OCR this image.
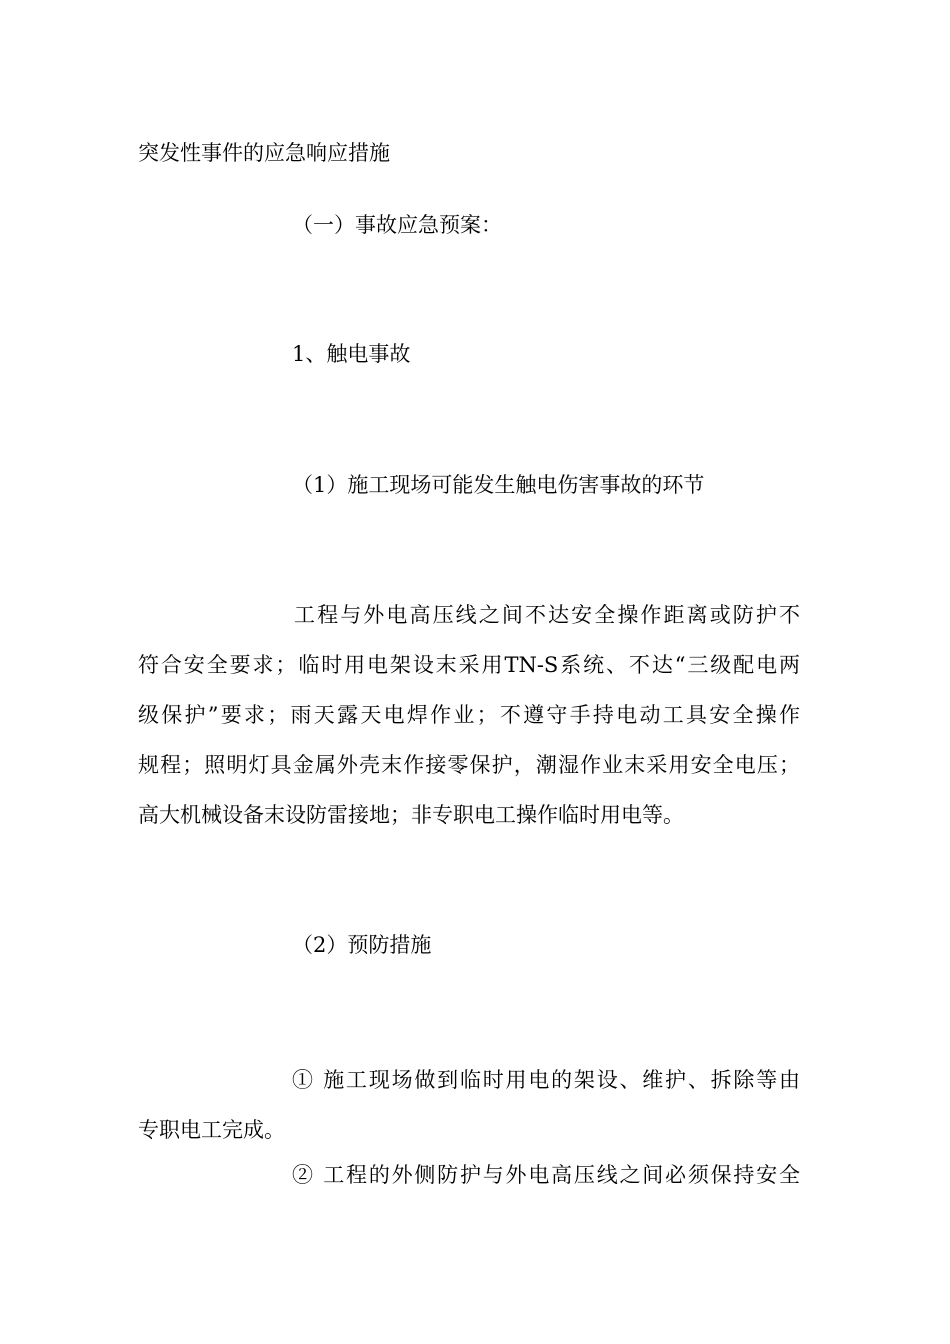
突发性事件的应急响应措施

（一）事故应急预案：

1、触电事故

（1）施工现场可能发生触电伤害事故的环节

工程与外电高压线之间不达安全操作距离或防护不
符合安全要求；临时用电架设末采用TN-S系统、不达“三级配电两
级保护”要求；雨天露天电焊作业；不遵守手持电动工具安全操作
规程；照明灯具金属外壳末作接零保护，潮湿作业末采用安全电压；
高大机械设备末设防雷接地；非专职电工操作临时用电等。

（2）预防措施

① 施工现场做到临时用电的架设、维护、拆除等由
专职电工完成。
② 工程的外侧防护与外电高压线之间必须保持安全
